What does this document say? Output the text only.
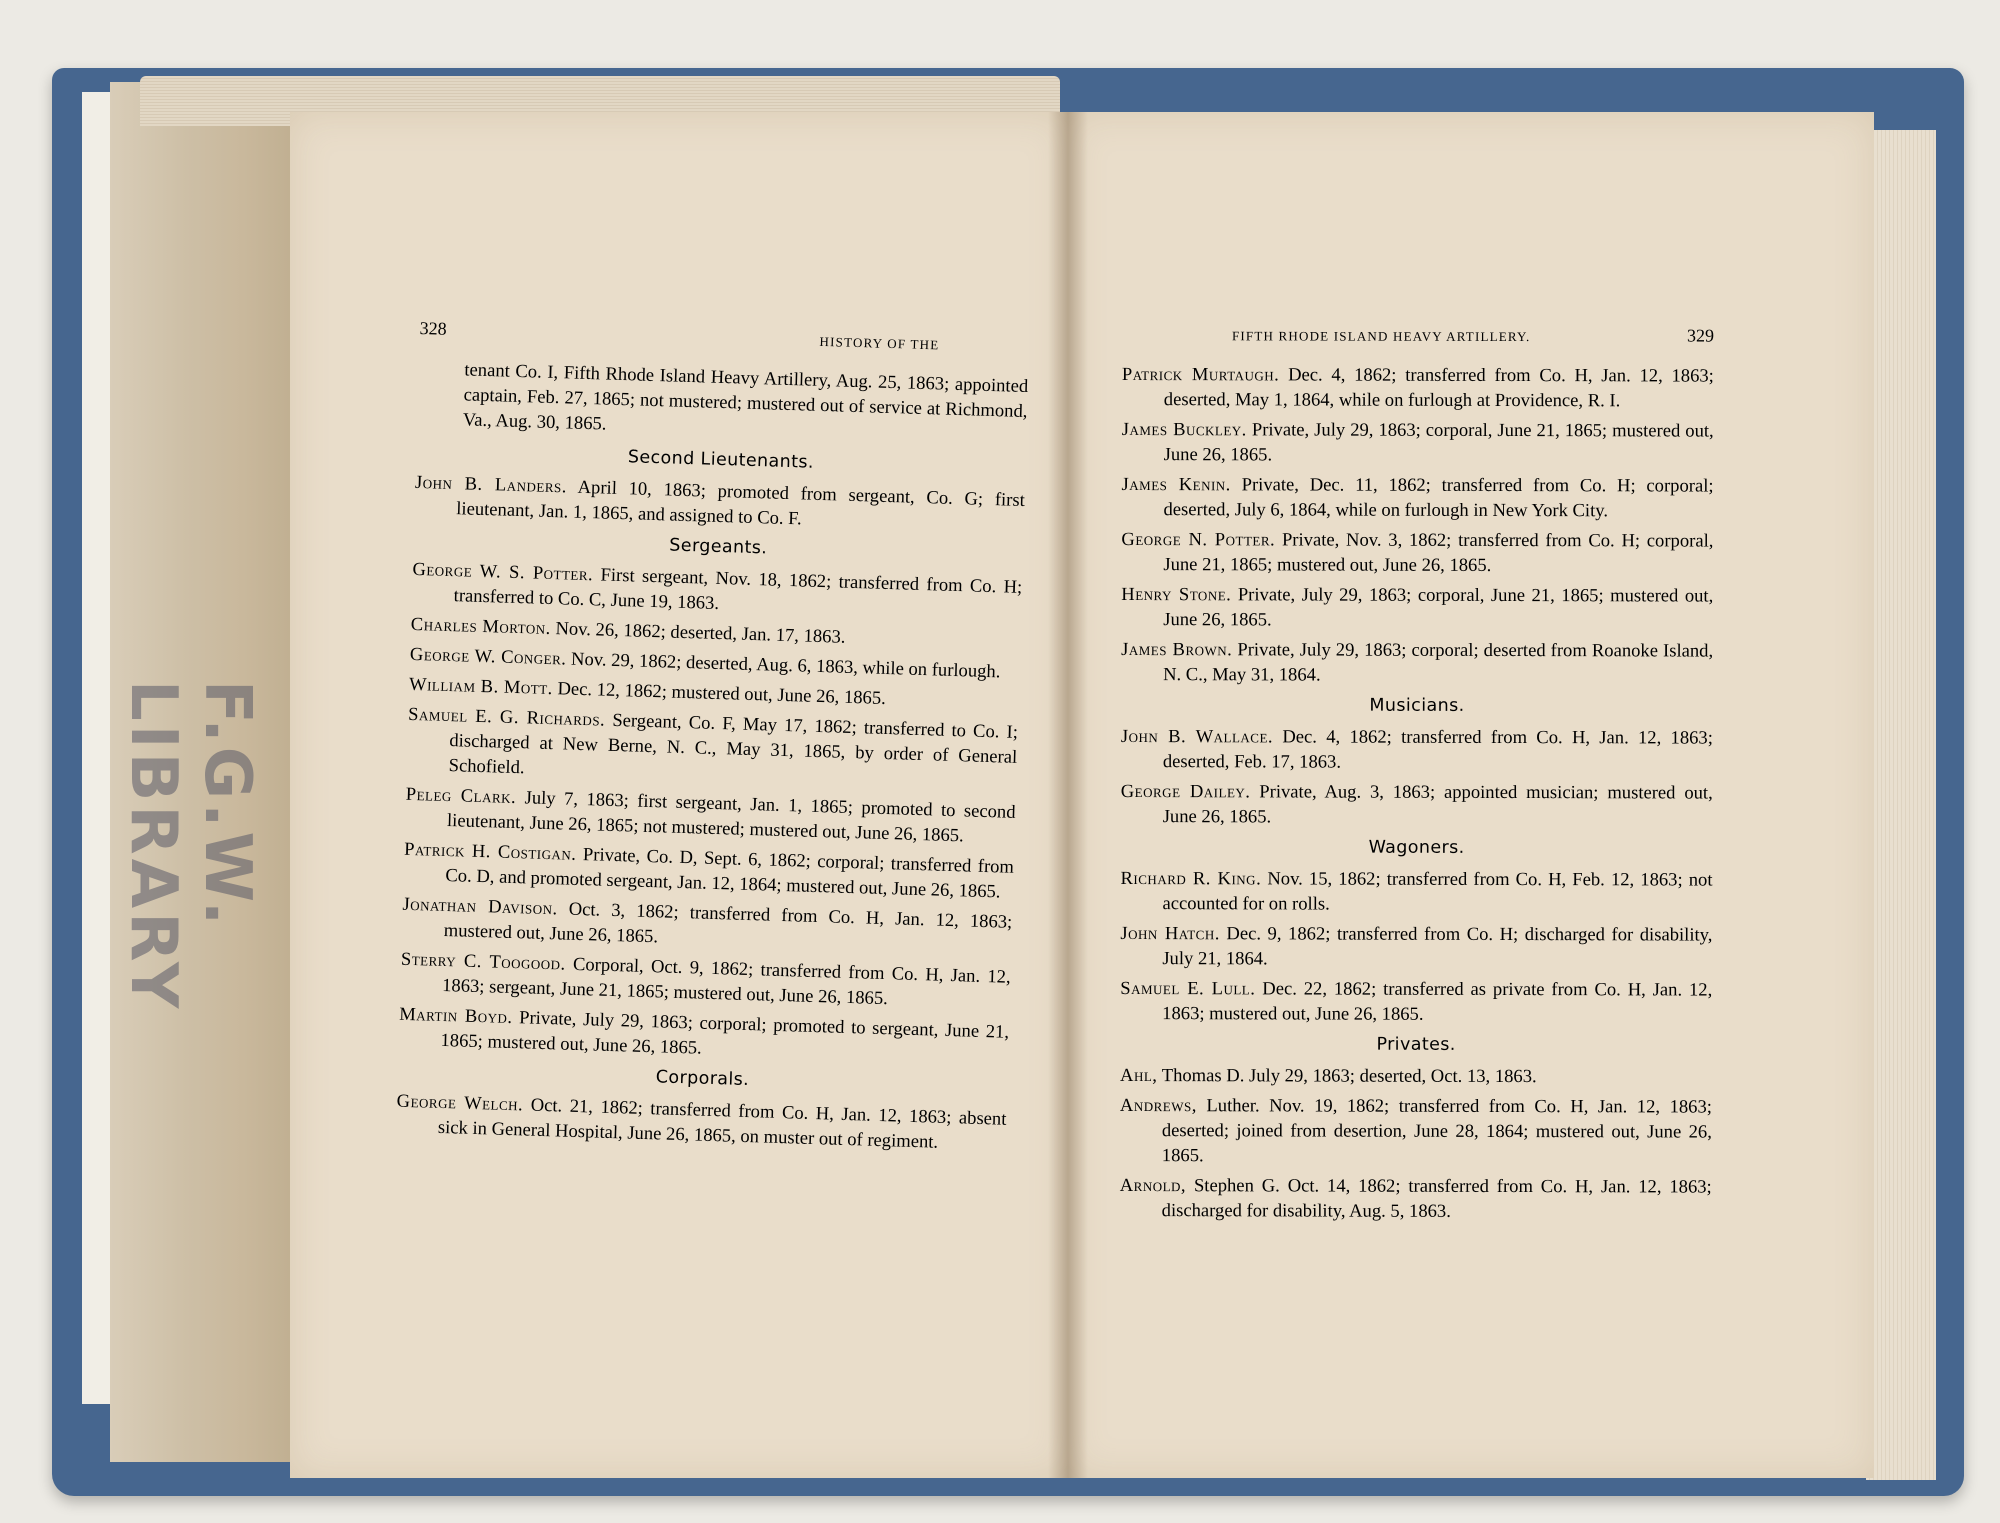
F.G.W. LIBRARY
328
HISTORY OF THE
tenant Co. I, Fifth Rhode Island Heavy Artillery, Aug. 25, 1863; appointed captain, Feb. 27, 1865; not mustered; mustered out of service at Richmond, Va., Aug. 30, 1865.
Second Lieutenants.
John B. Landers. April 10, 1863; promoted from sergeant, Co. G; first lieutenant, Jan. 1, 1865, and assigned to Co. F.
Sergeants.
George W. S. Potter. First sergeant, Nov. 18, 1862; transferred from Co. H; transferred to Co. C, June 19, 1863.
Charles Morton. Nov. 26, 1862; deserted, Jan. 17, 1863.
George W. Conger. Nov. 29, 1862; deserted, Aug. 6, 1863, while on furlough.
William B. Mott. Dec. 12, 1862; mustered out, June 26, 1865.
Samuel E. G. Richards. Sergeant, Co. F, May 17, 1862; transferred to Co. I; discharged at New Berne, N. C., May 31, 1865, by order of General Schofield.
Peleg Clark. July 7, 1863; first sergeant, Jan. 1, 1865; promoted to second lieutenant, June 26, 1865; not mustered; mustered out, June 26, 1865.
Patrick H. Costigan. Private, Co. D, Sept. 6, 1862; corporal; transferred from Co. D, and promoted sergeant, Jan. 12, 1864; mustered out, June 26, 1865.
Jonathan Davison. Oct. 3, 1862; transferred from Co. H, Jan. 12, 1863; mustered out, June 26, 1865.
Sterry C. Toogood. Corporal, Oct. 9, 1862; transferred from Co. H, Jan. 12, 1863; sergeant, June 21, 1865; mustered out, June 26, 1865.
Martin Boyd. Private, July 29, 1863; corporal; promoted to sergeant, June 21, 1865; mustered out, June 26, 1865.
Corporals.
George Welch. Oct. 21, 1862; transferred from Co. H, Jan. 12, 1863; absent sick in General Hospital, June 26, 1865, on muster out of regiment.
FIFTH RHODE ISLAND HEAVY ARTILLERY.	329
Patrick Murtaugh. Dec. 4, 1862; transferred from Co. H, Jan. 12, 1863; deserted, May 1, 1864, while on furlough at Providence, R. I.
James Buckley. Private, July 29, 1863; corporal, June 21, 1865; mustered out, June 26, 1865.
James Kenin. Private, Dec. 11, 1862; transferred from Co. H; corporal; deserted, July 6, 1864, while on furlough in New York City.
George N. Potter. Private, Nov. 3, 1862; transferred from Co. H; corporal, June 21, 1865; mustered out, June 26, 1865.
Henry Stone. Private, July 29, 1863; corporal, June 21, 1865; mustered out, June 26, 1865.
James Brown. Private, July 29, 1863; corporal; deserted from Roanoke Island, N. C., May 31, 1864.
Musicians.
John B. Wallace. Dec. 4, 1862; transferred from Co. H, Jan. 12, 1863; deserted, Feb. 17, 1863.
George Dailey. Private, Aug. 3, 1863; appointed musician; mustered out, June 26, 1865.
Wagoners.
Richard R. King. Nov. 15, 1862; transferred from Co. H, Feb. 12, 1863; not accounted for on rolls.
John Hatch. Dec. 9, 1862; transferred from Co. H; discharged for disability, July 21, 1864.
Samuel E. Lull. Dec. 22, 1862; transferred as private from Co. H, Jan. 12, 1863; mustered out, June 26, 1865.
Privates.
Ahl, Thomas D. July 29, 1863; deserted, Oct. 13, 1863.
Andrews, Luther. Nov. 19, 1862; transferred from Co. H, Jan. 12, 1863; deserted; joined from desertion, June 28, 1864; mustered out, June 26, 1865.
Arnold, Stephen G. Oct. 14, 1862; transferred from Co. H, Jan. 12, 1863; discharged for disability, Aug. 5, 1863.
